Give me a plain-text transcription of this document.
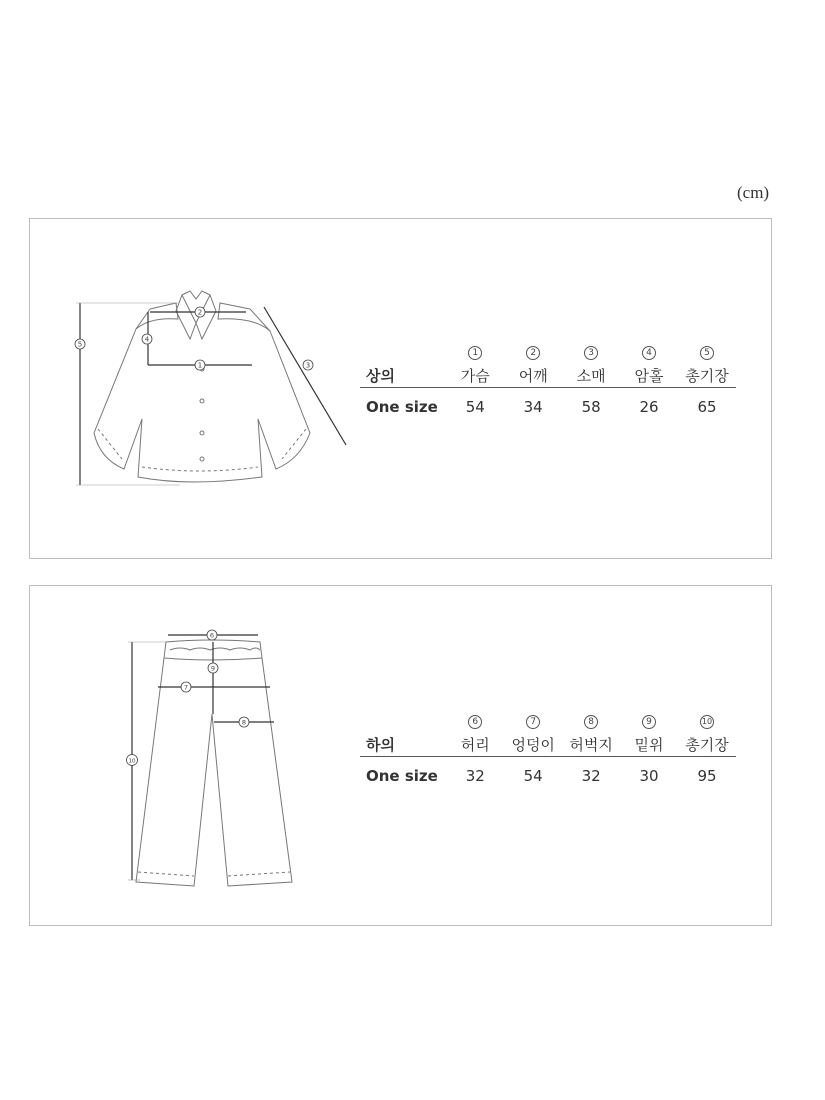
(cm)
5
2
4
1	3
	1	2	3	4	5
상의	가슴	어깨	소매	암홀	총기장
One size	54	34	58	26	65
6
9
7
8
10
	6	7	8	9	10
하의	허리	엉덩이	허벅지	밑위	총기장
One size	32	54	32	30	95
